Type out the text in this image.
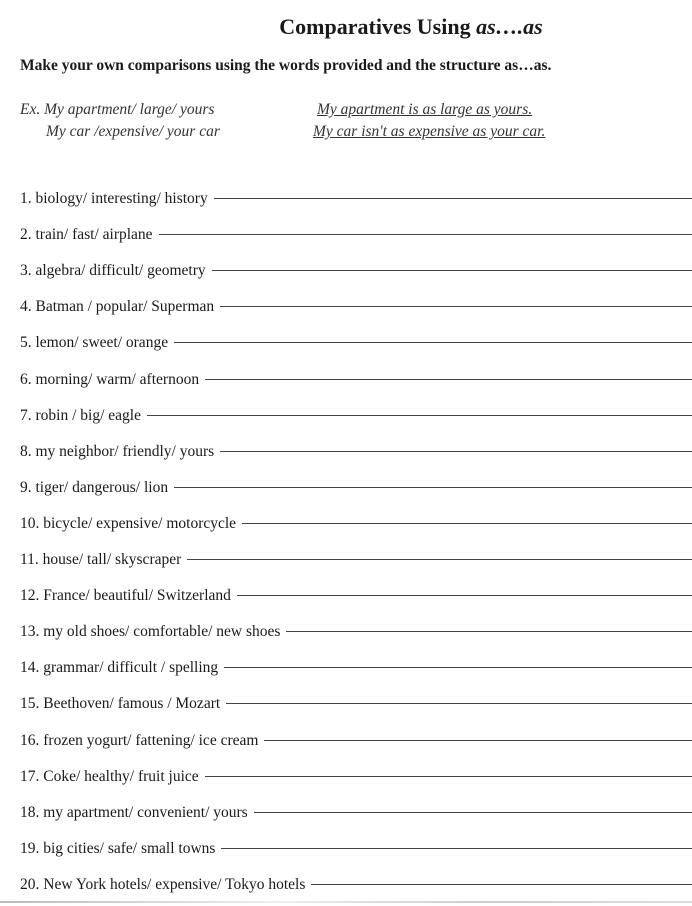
Comparatives Using as….as
Make your own comparisons using the words provided and the structure as…as.
Ex. My apartment/ large/ yours	My apartment is as large as yours.
My car /expensive/ your car	My car isn't as expensive as your car.
1. biology/ interesting/ history
2. train/ fast/ airplane
3. algebra/ difficult/ geometry
4. Batman / popular/ Superman
5. lemon/ sweet/ orange
6. morning/ warm/ afternoon
7. robin / big/ eagle
8. my neighbor/ friendly/ yours
9. tiger/ dangerous/ lion
10. bicycle/ expensive/ motorcycle
11. house/ tall/ skyscraper
12. France/ beautiful/ Switzerland
13. my old shoes/ comfortable/ new shoes
14. grammar/ difficult / spelling
15. Beethoven/ famous / Mozart
16. frozen yogurt/ fattening/ ice cream
17. Coke/ healthy/ fruit juice
18. my apartment/ convenient/ yours
19. big cities/ safe/ small towns
20. New York hotels/ expensive/ Tokyo hotels
